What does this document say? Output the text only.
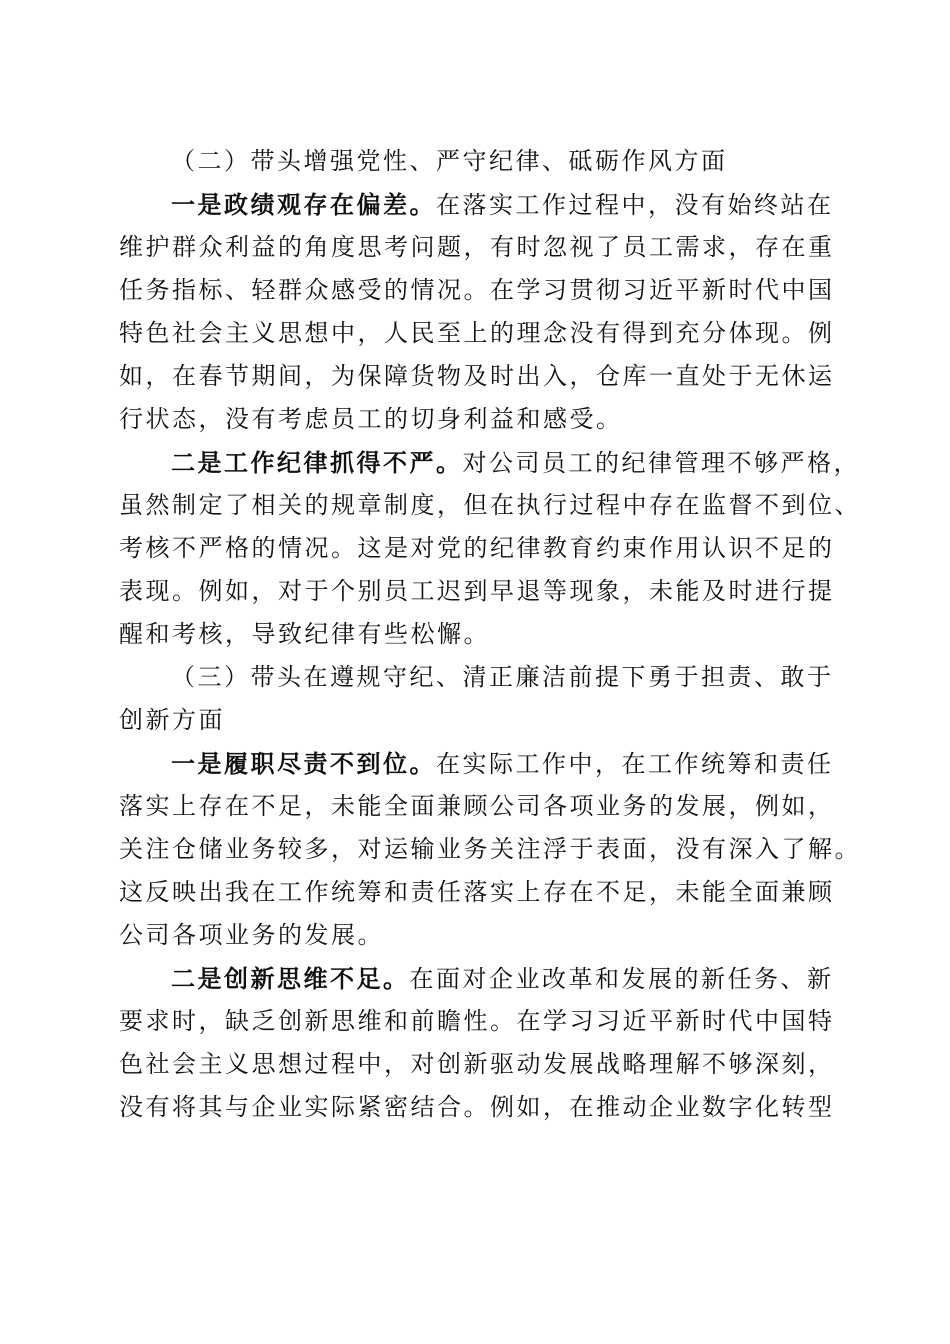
（二）带头增强党性、严守纪律、砥砺作风方面
一是政绩观存在偏差。在落实工作过程中，没有始终站在
维护群众利益的角度思考问题，有时忽视了员工需求，存在重
任务指标、轻群众感受的情况。在学习贯彻习近平新时代中国
特色社会主义思想中，人民至上的理念没有得到充分体现。例
如，在春节期间，为保障货物及时出入，仓库一直处于无休运
行状态，没有考虑员工的切身利益和感受。
二是工作纪律抓得不严。对公司员工的纪律管理不够严格，
虽然制定了相关的规章制度，但在执行过程中存在监督不到位、
考核不严格的情况。这是对党的纪律教育约束作用认识不足的
表现。例如，对于个别员工迟到早退等现象，未能及时进行提
醒和考核，导致纪律有些松懈。
（三）带头在遵规守纪、清正廉洁前提下勇于担责、敢于
创新方面
一是履职尽责不到位。在实际工作中，在工作统筹和责任
落实上存在不足，未能全面兼顾公司各项业务的发展，例如，
关注仓储业务较多，对运输业务关注浮于表面，没有深入了解。
这反映出我在工作统筹和责任落实上存在不足，未能全面兼顾
公司各项业务的发展。
二是创新思维不足。在面对企业改革和发展的新任务、新
要求时，缺乏创新思维和前瞻性。在学习习近平新时代中国特
色社会主义思想过程中，对创新驱动发展战略理解不够深刻，
没有将其与企业实际紧密结合。例如，在推动企业数字化转型
